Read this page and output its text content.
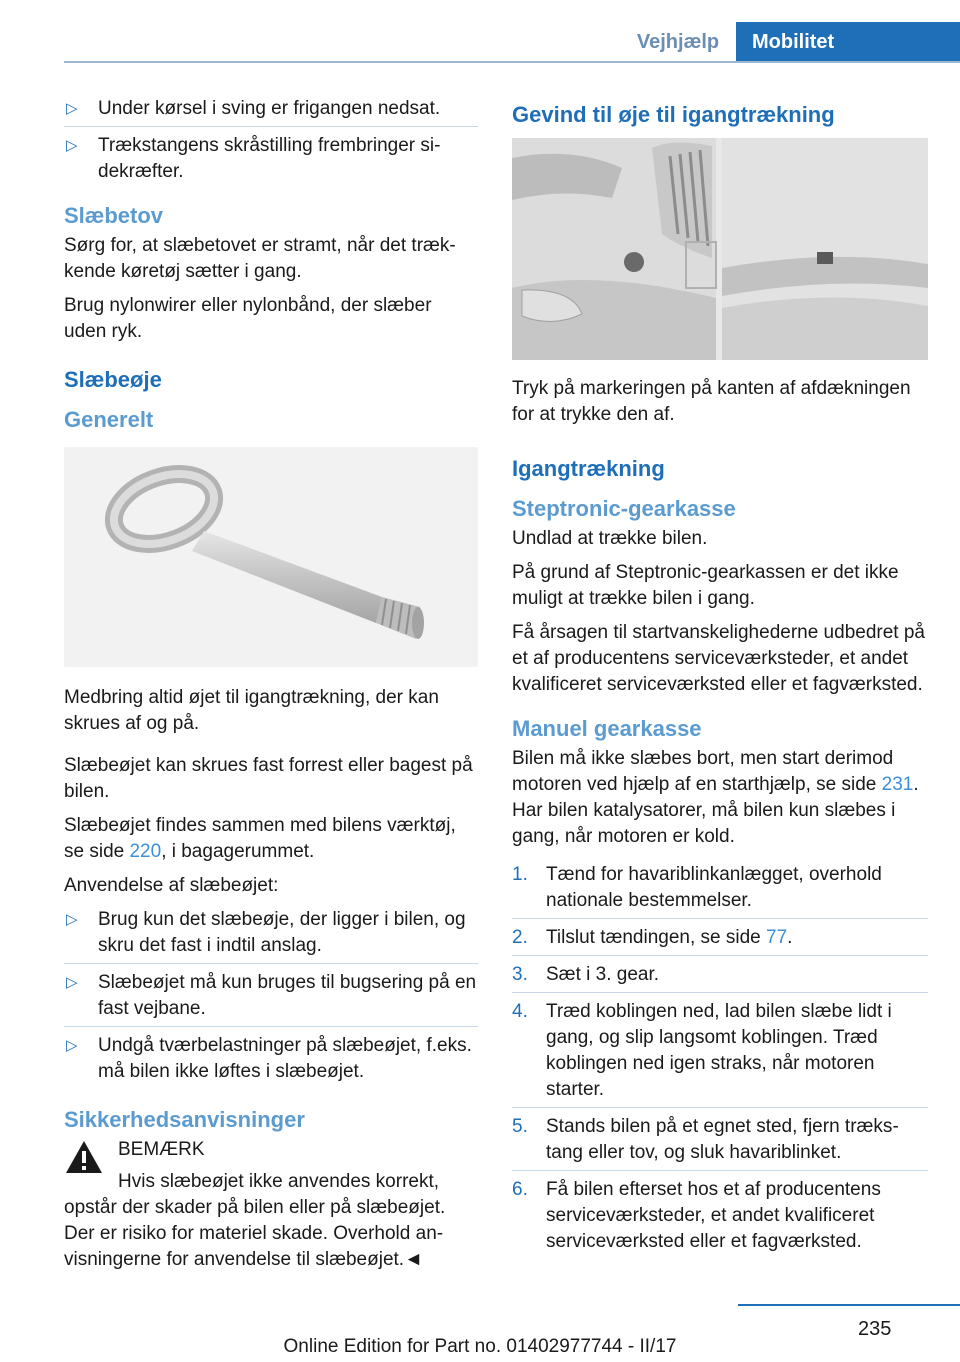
Vejhjælp	Mobilitet
▷ Under kørsel i sving er frigangen nedsat.
▷ Trækstangens skråstilling frembringer sidekræfter.
Slæbetov

Sørg for, at slæbetovet er stramt, når det trækkende køretøj sætter i gang.

Brug nylonwirer eller nylonbånd, der slæber uden ryk.

Slæbeøje
Generelt

Medbring altid øjet til igangtrækning, der kan skrues af og på.

Slæbeøjet kan skrues fast forrest eller bagest på bilen.

Slæbeøjet findes sammen med bilens værktøj, se side 220, i bagagerummet.

Anvendelse af slæbeøjet:

▷ Brug kun det slæbeøje, der ligger i bilen, og skru det fast i indtil anslag.
▷ Slæbeøjet må kun bruges til bugsering på en fast vejbane.
▷ Undgå tværbelastninger på slæbeøjet, f.eks. må bilen ikke løftes i slæbeøjet.
Sikkerhedsanvisninger
BEMÆRK
Hvis slæbeøjet ikke anvendes korrekt,
opstår der skader på bilen eller på slæbeøjet. Der er risiko for materiel skade. Overhold anvisningerne for anvendelse til slæbeøjet.◄
Gevind til øje til igangtrækning

Tryk på markeringen på kanten af afdækningen for at trykke den af.

Igangtrækning
Steptronic-gearkasse

Undlad at trække bilen.

På grund af Steptronic-gearkassen er det ikke muligt at trække bilen i gang.

Få årsagen til startvanskelighederne udbedret på et af producentens serviceværksteder, et andet kvalificeret serviceværksted eller et fagværksted.

Manuel gearkasse

Bilen må ikke slæbes bort, men start derimod motoren ved hjælp af en starthjælp, se side 231. Har bilen katalysatorer, må bilen kun slæbes i gang, når motoren er kold.

1. Tænd for havariblinkanlægget, overhold nationale bestemmelser.
2. Tilslut tændingen, se side 77.
3. Sæt i 3. gear.
4. Træd koblingen ned, lad bilen slæbe lidt i gang, og slip langsomt koblingen. Træd koblingen ned igen straks, når motoren starter.
5. Stands bilen på et egnet sted, fjern trækstang eller tov, og sluk havariblinket.
6. Få bilen efterset hos et af producentens serviceværksteder, et andet kvalificeret serviceværksted eller et fagværksted.
235
Online Edition for Part no. 01402977744 - II/17
